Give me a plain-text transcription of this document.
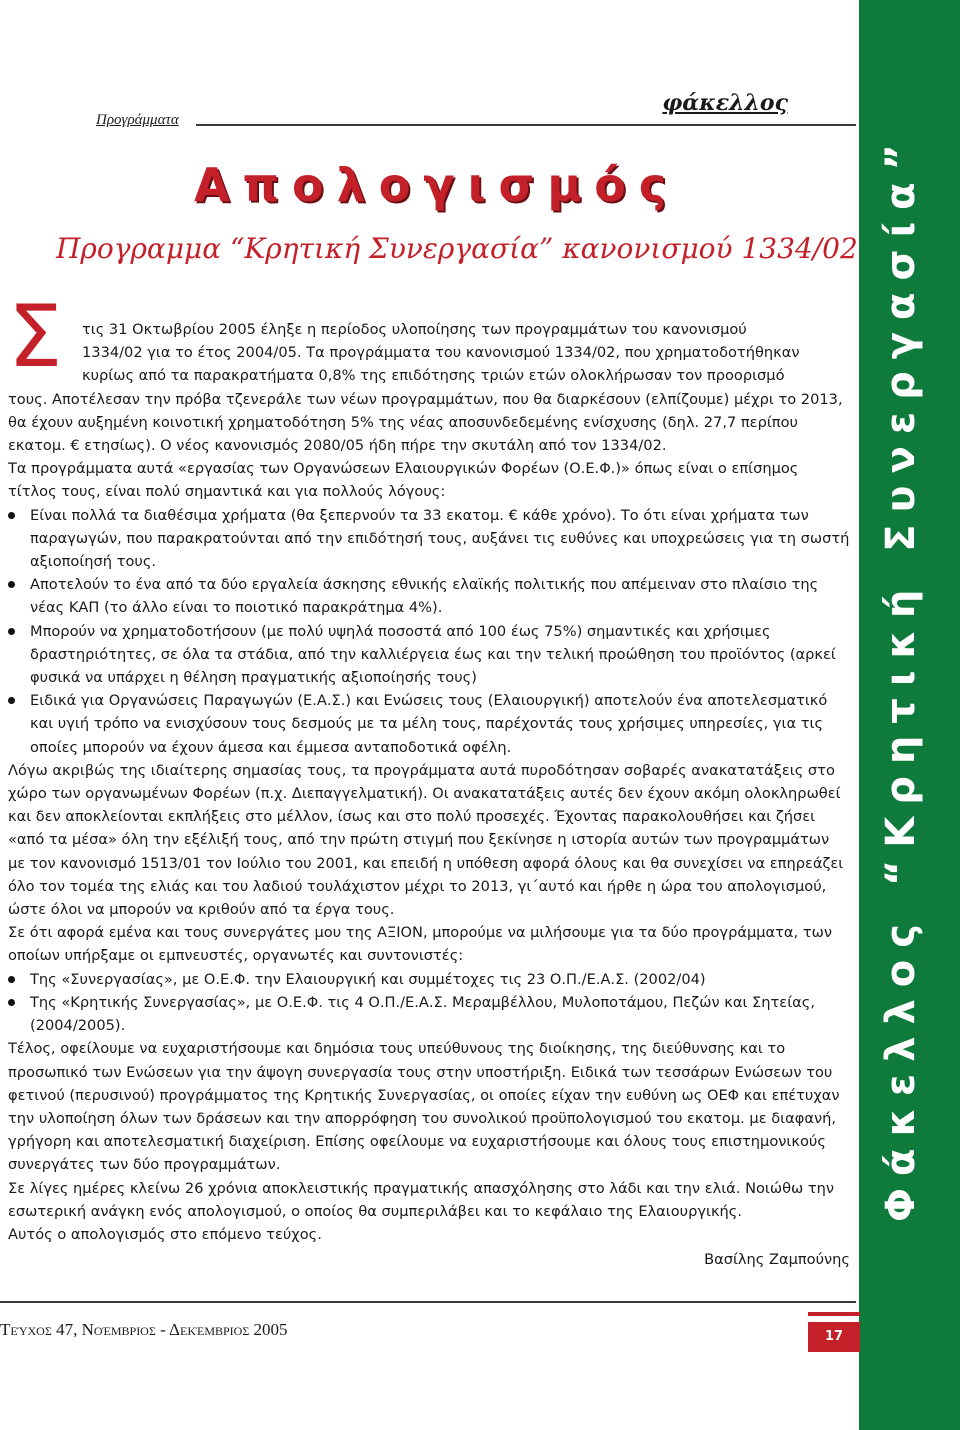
Προγράμματα
φάκελλος
Απολογισμός
Προγραμμα “Κρητική Συνεργασία” κανονισμού 1334/02
Σ	τις 31 Οκτωβρίου 2005 έληξε η περίοδος υλοποίησης των προγραμμάτων του κανονισμού

1334/02 για το έτος 2004/05. Τα προγράμματα του κανονισμού 1334/02, που χρηματοδοτήθηκαν

κυρίως από τα παρακρατήματα 0,8% της επιδότησης τριών ετών ολοκλήρωσαν τον προορισμό

τους. Αποτέλεσαν την πρόβα τζενεράλε των νέων προγραμμάτων, που θα διαρκέσουν (ελπίζουμε) μέχρι το 2013, θα έχουν αυξημένη κοινοτική χρηματοδότηση 5% της νέας αποσυνδεδεμένης ενίσχυσης (δηλ. 27,7 περίπου εκατομ. € ετησίως). Ο νέος κανονισμός 2080/05 ήδη πήρε την σκυτάλη από τον 1334/02.

Τα προγράμματα αυτά «εργασίας των Οργανώσεων Ελαιουργικών Φορέων (Ο.Ε.Φ.)» όπως είναι ο επίσημος τίτλος τους, είναι πολύ σημαντικά και για πολλούς λόγους:

Είναι πολλά τα διαθέσιμα χρήματα (θα ξεπερνούν τα 33 εκατομ. € κάθε χρόνο). Το ότι είναι χρήματα των παραγωγών, που παρακρατούνται από την επιδότησή τους, αυξάνει τις ευθύνες και υποχρεώσεις για τη σωστή αξιοποίησή τους.
Αποτελούν το ένα από τα δύο εργαλεία άσκησης εθνικής ελαϊκής πολιτικής που απέμειναν στο πλαίσιο της νέας ΚΑΠ (το άλλο είναι το ποιοτικό παρακράτημα 4%).
Μπορούν να χρηματοδοτήσουν (με πολύ υψηλά ποσοστά από 100 έως 75%) σημαντικές και χρήσιμες δραστηριότητες, σε όλα τα στάδια, από την καλλιέργεια έως και την τελική προώθηση του προϊόντος (αρκεί φυσικά να υπάρχει η θέληση πραγματικής αξιοποίησής τους)
Ειδικά για Οργανώσεις Παραγωγών (Ε.Α.Σ.) και Ενώσεις τους (Ελαιουργική) αποτελούν ένα αποτελεσματικό και υγιή τρόπο να ενισχύσουν τους δεσμούς με τα μέλη τους, παρέχοντάς τους χρήσιμες υπηρεσίες, για τις οποίες μπορούν να έχουν άμεσα και έμμεσα ανταποδοτικά οφέλη.

Λόγω ακριβώς της ιδιαίτερης σημασίας τους, τα προγράμματα αυτά πυροδότησαν σοβαρές ανακατατάξεις στο χώρο των οργανωμένων Φορέων (π.χ. Διεπαγγελματική). Οι ανακατατάξεις αυτές δεν έχουν ακόμη ολοκληρωθεί και δεν αποκλείονται εκπλήξεις στο μέλλον, ίσως και στο πολύ προσεχές. Έχοντας παρακολουθήσει και ζήσει «από τα μέσα» όλη την εξέλιξή τους, από την πρώτη στιγμή που ξεκίνησε η ιστορία αυτών των προγραμμάτων με τον κανονισμό 1513/01 τον Ιούλιο του 2001, και επειδή η υπόθεση αφορά όλους και θα συνεχίσει να επηρεάζει όλο τον τομέα της ελιάς και του λαδιού τουλάχιστον μέχρι το 2013, γι΄αυτό και ήρθε η ώρα του απολογισμού, ώστε όλοι να μπορούν να κριθούν από τα έργα τους.

Σε ότι αφορά εμένα και τους συνεργάτες μου της ΑΞΙΟΝ, μπορούμε να μιλήσουμε για τα δύο προγράμματα, των οποίων υπήρξαμε οι εμπνευστές, οργανωτές και συντονιστές:

Της «Συνεργασίας», με Ο.Ε.Φ. την Ελαιουργική και συμμέτοχες τις 23 Ο.Π./Ε.Α.Σ. (2002/04)
Της «Κρητικής Συνεργασίας», με Ο.Ε.Φ. τις 4 Ο.Π./Ε.Α.Σ. Μεραμβέλλου, Μυλοποτάμου, Πεζών και Σητείας, (2004/2005).

Τέλος, οφείλουμε να ευχαριστήσουμε και δημόσια τους υπεύθυνους της διοίκησης, της διεύθυνσης και το προσωπικό των Ενώσεων για την άψογη συνεργασία τους στην υποστήριξη. Ειδικά των τεσσάρων Ενώσεων του φετινού (περυσινού) προγράμματος της Κρητικής Συνεργασίας, οι οποίες είχαν την ευθύνη ως ΟΕΦ και επέτυχαν την υλοποίηση όλων των δράσεων και την απορρόφηση του συνολικού προϋπολογισμού του εκατομ. με διαφανή, γρήγορη και αποτελεσματική διαχείριση. Επίσης οφείλουμε να ευχαριστήσουμε και όλους τους επιστημονικούς συνεργάτες των δύο προγραμμάτων.

Σε λίγες ημέρες κλείνω 26 χρόνια αποκλειστικής πραγματικής απασχόλησης στο λάδι και την ελιά. Νοιώθω την εσωτερική ανάγκη ενός απολογισμού, ο οποίος θα συμπεριλάβει και το κεφάλαιο της Ελαιουργικής.

Αυτός ο απολογισμός στο επόμενο τεύχος.

Βασίλης Ζαμπούνης

Φάκελλος “Κρητική Συνεργασία”
Τεύχος 47, Νοέμβριος - Δεκέμβριος 2005	17
